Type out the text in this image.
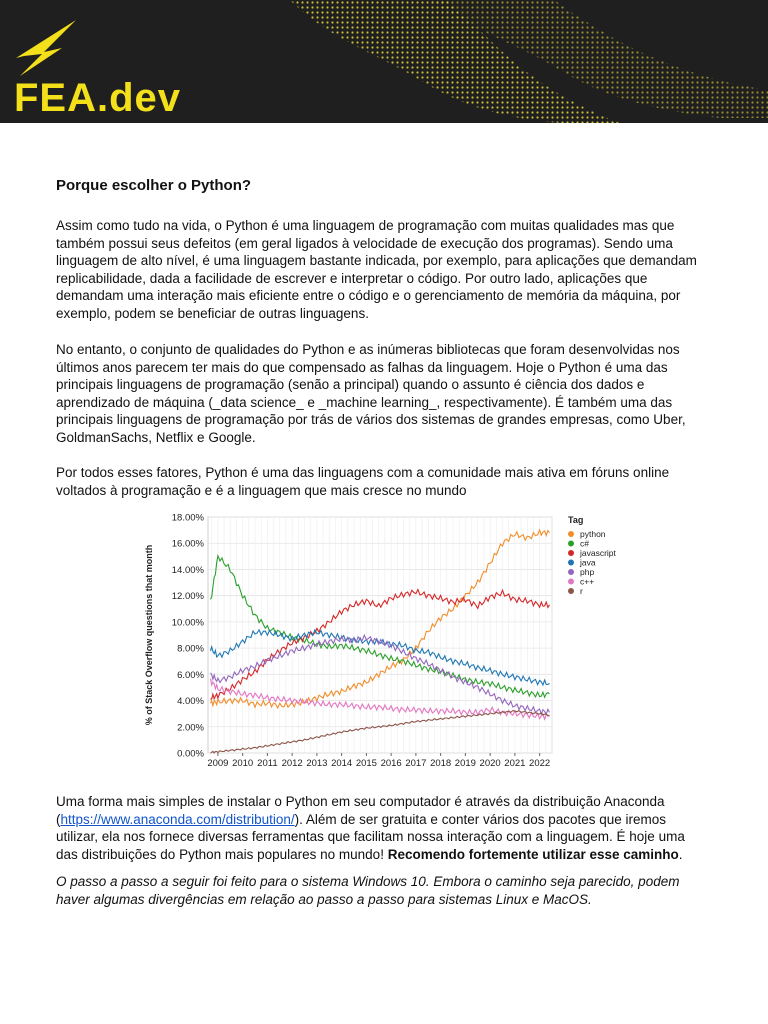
FEA.dev
Porque escolher o Python?

Assim como tudo na vida, o Python é uma linguagem de programação com muitas qualidades mas que também possui seus defeitos (em geral ligados à velocidade de execução dos programas). Sendo uma linguagem de alto nível, é uma linguagem bastante indicada, por exemplo, para aplicações que demandam replicabilidade, dada a facilidade de escrever e interpretar o código. Por outro lado, aplicações que demandam uma interação mais eficiente entre o código e o gerenciamento de memória da máquina, por exemplo, podem se beneficiar de outras linguagens.

No entanto, o conjunto de qualidades do Python e as inúmeras bibliotecas que foram desenvolvidas nos últimos anos parecem ter mais do que compensado as falhas da linguagem. Hoje o Python é uma das principais linguagens de programação (senão a principal) quando o assunto é ciência dos dados e aprendizado de máquina (_data science_ e _machine learning_, respectivamente). É também uma das principais linguagens de programação por trás de vários dos sistemas de grandes empresas, como Uber, GoldmanSachs, Netflix e Google.

Por todos esses fatores, Python é uma das linguagens com a comunidade mais ativa em fóruns online voltados à programação e é a linguagem que mais cresce no mundo

0.00%
2.00%
4.00%
6.00%
8.00%
10.00%
12.00%
14.00%
16.00%
18.00%
2009 2010 2011 2012 2013 2014 2015 2016 2017 2018 2019 2020 2021 2022
% of Stack Overflow questions that month
Tag
python
c#
javascript
java
php
c++
r

Uma forma mais simples de instalar o Python em seu computador é através da distribuição Anaconda (https://www.anaconda.com/distribution/). Além de ser gratuita e conter vários dos pacotes que iremos utilizar, ela nos fornece diversas ferramentas que facilitam nossa interação com a linguagem. É hoje uma das distribuições do Python mais populares no mundo! Recomendo fortemente utilizar esse caminho.

O passo a passo a seguir foi feito para o sistema Windows 10. Embora o caminho seja parecido, podem haver algumas divergências em relação ao passo a passo para sistemas Linux e MacOS.
